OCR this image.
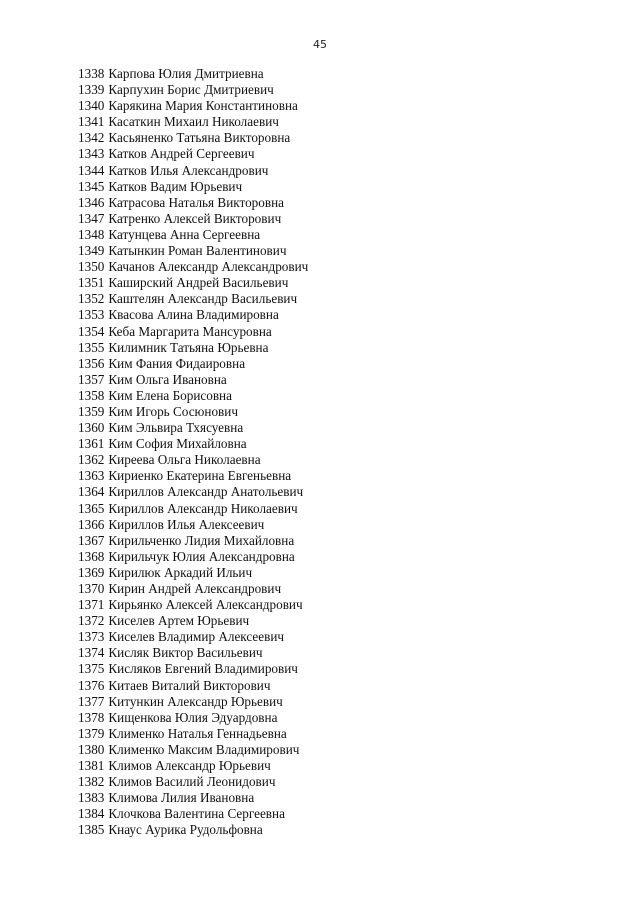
45
1338 Карпова Юлия Дмитриевна
1339 Карпухин Борис Дмитриевич
1340 Карякина Мария Константиновна
1341 Касаткин Михаил Николаевич
1342 Касьяненко Татьяна Викторовна
1343 Катков Андрей Сергеевич
1344 Катков Илья Александрович
1345 Катков Вадим Юрьевич
1346 Катрасова Наталья Викторовна
1347 Катренко Алексей Викторович
1348 Катунцева Анна Сергеевна
1349 Катынкин Роман Валентинович
1350 Качанов Александр Александрович
1351 Каширский Андрей Васильевич
1352 Каштелян Александр Васильевич
1353 Квасова Алина Владимировна
1354 Кеба Маргарита Мансуровна
1355 Килимник Татьяна Юрьевна
1356 Ким Фания Фидаировна
1357 Ким Ольга Ивановна
1358 Ким Елена Борисовна
1359 Ким Игорь Сосюнович
1360 Ким Эльвира Тхясуевна
1361 Ким София Михайловна
1362 Киреева Ольга Николаевна
1363 Кириенко Екатерина Евгеньевна
1364 Кириллов Александр Анатольевич
1365 Кириллов Александр Николаевич
1366 Кириллов Илья Алексеевич
1367 Кирильченко Лидия Михайловна
1368 Кирильчук Юлия Александровна
1369 Кирилюк Аркадий Ильич
1370 Кирин Андрей Александрович
1371 Кирьянко Алексей Александрович
1372 Киселев Артем Юрьевич
1373 Киселев Владимир Алексеевич
1374 Кисляк Виктор Васильевич
1375 Кисляков Евгений Владимирович
1376 Китаев Виталий Викторович
1377 Китункин Александр Юрьевич
1378 Кищенкова Юлия Эдуардовна
1379 Клименко Наталья Геннадьевна
1380 Клименко Максим Владимирович
1381 Климов Александр Юрьевич
1382 Климов Василий Леонидович
1383 Климова Лилия Ивановна
1384 Клочкова Валентина Сергеевна
1385 Кнаус Аурика Рудольфовна
